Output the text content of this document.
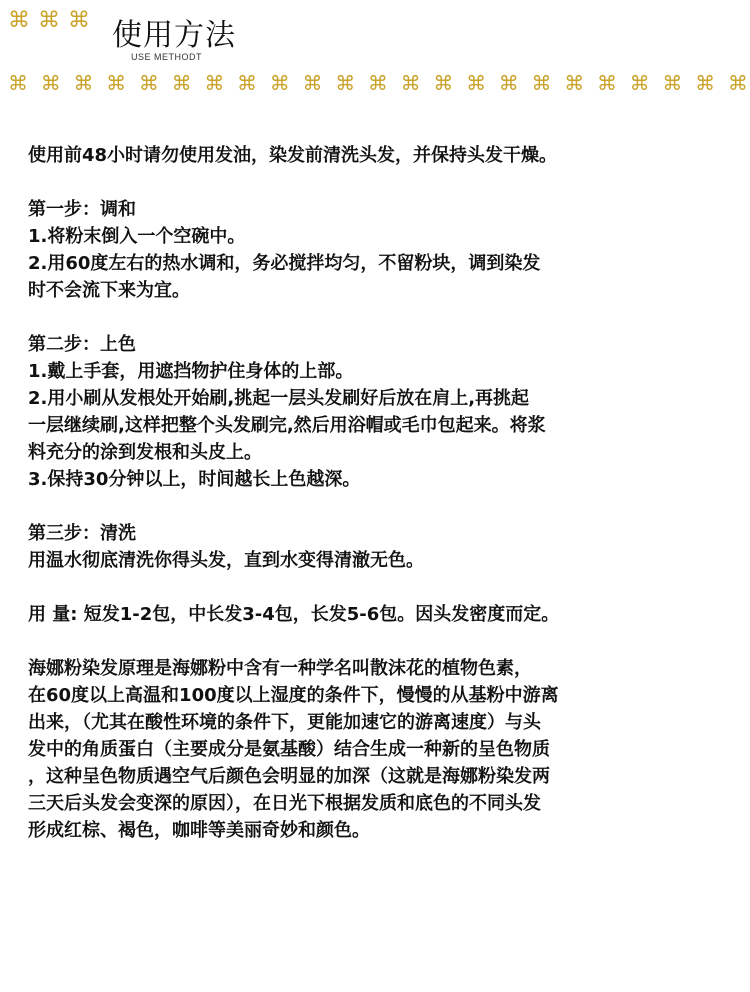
⌘ ⌘ ⌘ 使用方法
USE METHODT
⌘ ⌘ ⌘ ⌘ ⌘ ⌘ ⌘ ⌘ ⌘ ⌘ ⌘ ⌘ ⌘ ⌘ ⌘ ⌘ ⌘ ⌘ ⌘ ⌘ ⌘ ⌘ ⌘
使用前48小时请勿使用发油，染发前清洗头发，并保持头发干燥。
第一步：调和
1.将粉末倒入一个空碗中。
2.用60度左右的热水调和，务必搅拌均匀，不留粉块，调到染发
时不会流下来为宜。
第二步：上色
1.戴上手套，用遮挡物护住身体的上部。
2.用小刷从发根处开始刷,挑起一层头发刷好后放在肩上,再挑起
一层继续刷,这样把整个头发刷完,然后用浴帽或毛巾包起来。将浆
料充分的涂到发根和头皮上。
3.保持30分钟以上，时间越长上色越深。
第三步：清洗
用温水彻底清洗你得头发，直到水变得清澈无色。
用 量: 短发1-2包，中长发3-4包，长发5-6包。因头发密度而定。
海娜粉染发原理是海娜粉中含有一种学名叫散沫花的植物色素，
在60度以上高温和100度以上湿度的条件下，慢慢的从基粉中游离
出来，（尤其在酸性环境的条件下，更能加速它的游离速度）与头
发中的角质蛋白（主要成分是氨基酸）结合生成一种新的呈色物质
，这种呈色物质遇空气后颜色会明显的加深（这就是海娜粉染发两
三天后头发会变深的原因），在日光下根据发质和底色的不同头发
形成红棕、褐色，咖啡等美丽奇妙和颜色。
